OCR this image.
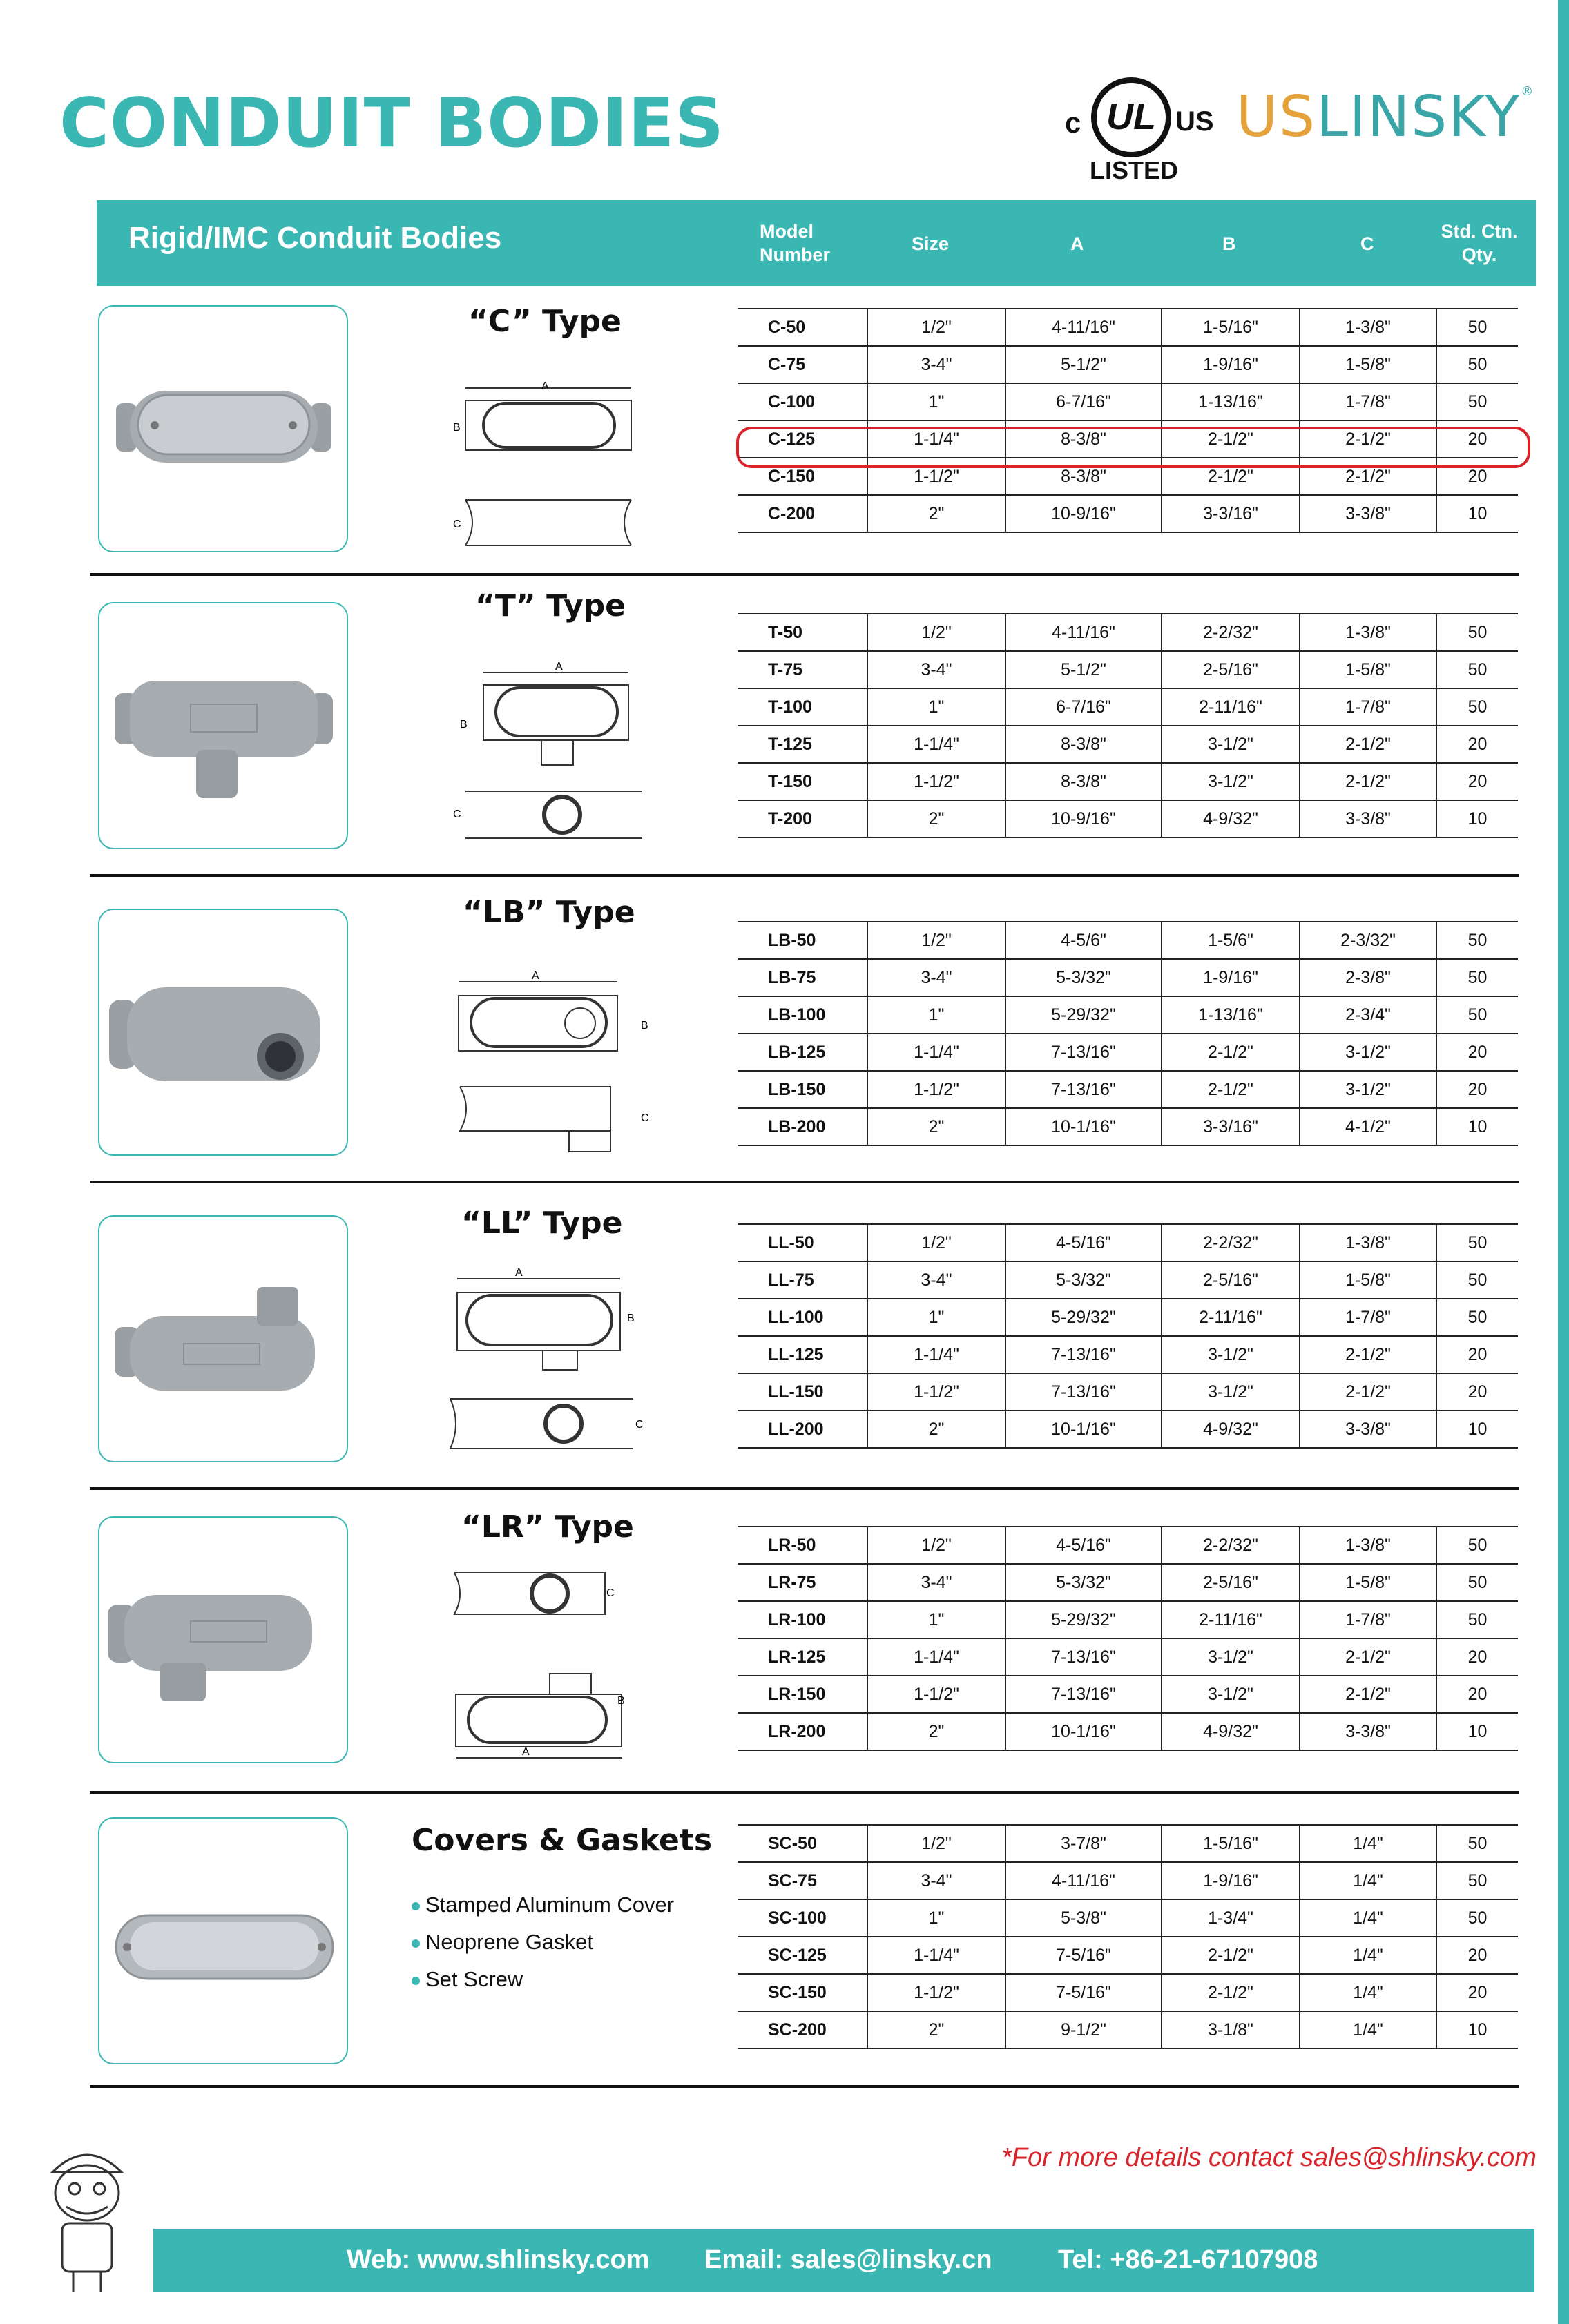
CONDUIT BODIES	c UL US
LISTED
USLINSKY®
Rigid/IMC Conduit Bodies	Model
Number
Size	A	B	C
Std. Ctn.
Qty.
“C” Type
A
B
C
C-50	1/2"	4-11/16"	1-5/16"	1-3/8"	50
C-75	3-4"	5-1/2"	1-9/16"	1-5/8"	50
C-100	1"	6-7/16"	1-13/16"	1-7/8"	50
C-125	1-1/4"	8-3/8"	2-1/2"	2-1/2"	20
C-150	1-1/2"	8-3/8"	2-1/2"	2-1/2"	20
C-200	2"	10-9/16"	3-3/16"	3-3/8"	10
“T” Type
A
B
C
T-50	1/2"	4-11/16"	2-2/32"	1-3/8"	50
T-75	3-4"	5-1/2"	2-5/16"	1-5/8"	50
T-100	1"	6-7/16"	2-11/16"	1-7/8"	50
T-125	1-1/4"	8-3/8"	3-1/2"	2-1/2"	20
T-150	1-1/2"	8-3/8"	3-1/2"	2-1/2"	20
T-200	2"	10-9/16"	4-9/32"	3-3/8"	10
“LB” Type
A
B
C
LB-50	1/2"	4-5/6"	1-5/6"	2-3/32"	50
LB-75	3-4"	5-3/32"	1-9/16"	2-3/8"	50
LB-100	1"	5-29/32"	1-13/16"	2-3/4"	50
LB-125	1-1/4"	7-13/16"	2-1/2"	3-1/2"	20
LB-150	1-1/2"	7-13/16"	2-1/2"	3-1/2"	20
LB-200	2"	10-1/16"	3-3/16"	4-1/2"	10
“LL” Type
A
B
C
LL-50	1/2"	4-5/16"	2-2/32"	1-3/8"	50
LL-75	3-4"	5-3/32"	2-5/16"	1-5/8"	50
LL-100	1"	5-29/32"	2-11/16"	1-7/8"	50
LL-125	1-1/4"	7-13/16"	3-1/2"	2-1/2"	20
LL-150	1-1/2"	7-13/16"	3-1/2"	2-1/2"	20
LL-200	2"	10-1/16"	4-9/32"	3-3/8"	10
“LR” Type
C
A
B
LR-50	1/2"	4-5/16"	2-2/32"	1-3/8"	50
LR-75	3-4"	5-3/32"	2-5/16"	1-5/8"	50
LR-100	1"	5-29/32"	2-11/16"	1-7/8"	50
LR-125	1-1/4"	7-13/16"	3-1/2"	2-1/2"	20
LR-150	1-1/2"	7-13/16"	3-1/2"	2-1/2"	20
LR-200	2"	10-1/16"	4-9/32"	3-3/8"	10
Covers & Gaskets
Stamped Aluminum Cover
Neoprene Gasket
Set Screw
SC-50	1/2"	3-7/8"	1-5/16"	1/4"	50
SC-75	3-4"	4-11/16"	1-9/16"	1/4"	50
SC-100	1"	5-3/8"	1-3/4"	1/4"	50
SC-125	1-1/4"	7-5/16"	2-1/2"	1/4"	20
SC-150	1-1/2"	7-5/16"	2-1/2"	1/4"	20
SC-200	2"	9-1/2"	3-1/8"	1/4"	10
*For more details contact sales@shlinsky.com
Web: www.shlinsky.com Email: sales@linsky.cn	Tel: +86-21-67107908
